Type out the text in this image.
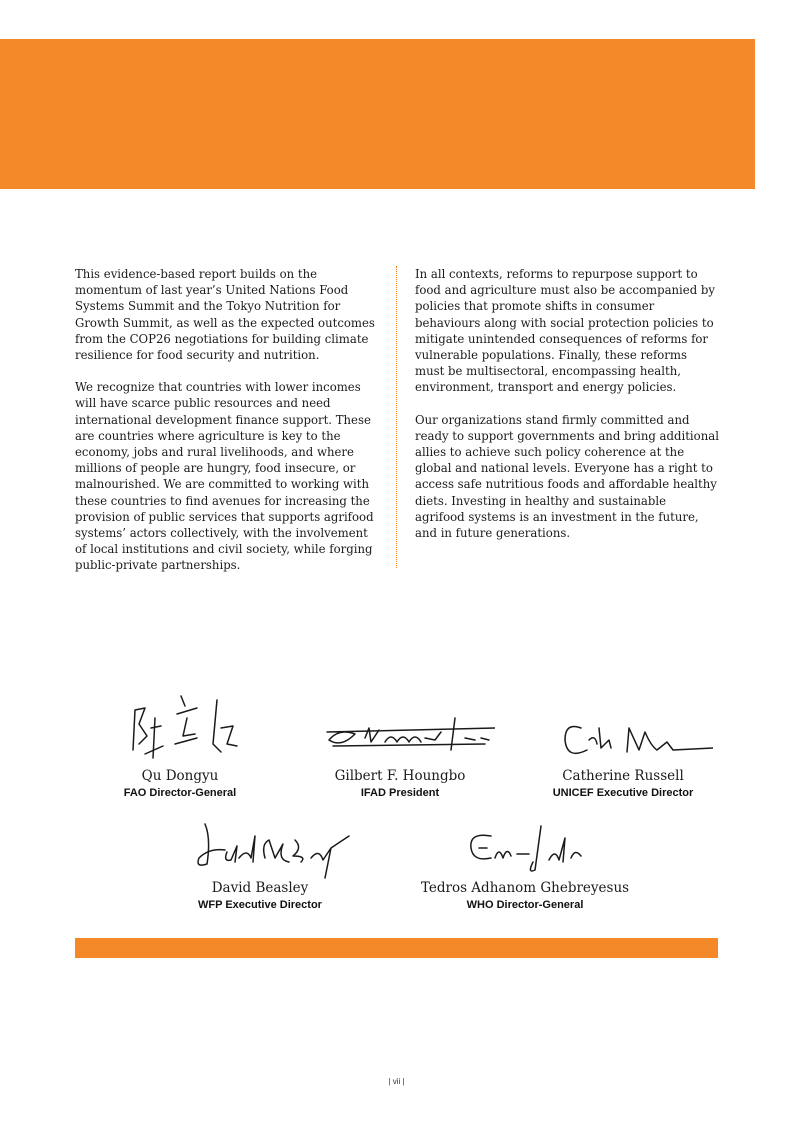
This evidence-based report builds on the momentum of last year’s United Nations Food Systems Summit and the Tokyo Nutrition for Growth Summit, as well as the expected outcomes from the COP26 negotiations for building climate resilience for food security and nutrition.

We recognize that countries with lower incomes will have scarce public resources and need international development finance support. These are countries where agriculture is key to the economy, jobs and rural livelihoods, and where millions of people are hungry, food insecure, or malnourished. We are committed to working with these countries to find avenues for increasing the provision of public services that supports agrifood systems’ actors collectively, with the involvement of local institutions and civil society, while forging public-private partnerships.

In all contexts, reforms to repurpose support to food and agriculture must also be accompanied by policies that promote shifts in consumer behaviours along with social protection policies to mitigate unintended consequences of reforms for vulnerable populations. Finally, these reforms must be multisectoral, encompassing health, environment, transport and energy policies.

Our organizations stand firmly committed and ready to support governments and bring additional allies to achieve such policy coherence at the global and national levels. Everyone has a right to access safe nutritious foods and affordable healthy diets. Investing in healthy and sustainable agrifood systems is an investment in the future, and in future generations.

Qu Dongyu
FAO Director-General
Gilbert F. Houngbo
IFAD President
Catherine Russell
UNICEF Executive Director
David Beasley
WFP Executive Director
Tedros Adhanom Ghebreyesus
WHO Director-General
| vii |
